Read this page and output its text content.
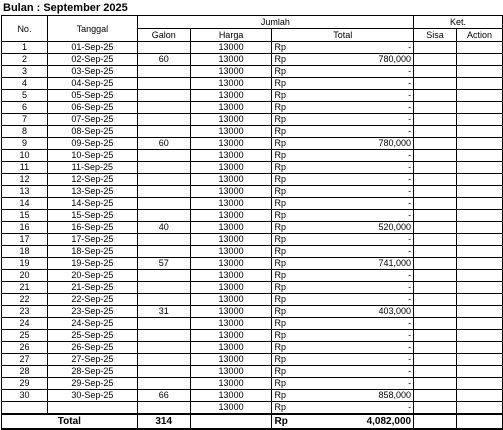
Bulan : September 2025
No.	Tanggal	Jumlah				Ket.	
		Galon	Harga	Total		Sisa	Action
1	01-Sep-25		13000	Rp	-		
2	02-Sep-25	60	13000	Rp	780,000		
3	03-Sep-25		13000	Rp	-		
4	04-Sep-25		13000	Rp	-		
5	05-Sep-25		13000	Rp	-		
6	06-Sep-25		13000	Rp	-		
7	07-Sep-25		13000	Rp	-		
8	08-Sep-25		13000	Rp	-		
9	09-Sep-25	60	13000	Rp	780,000		
10	10-Sep-25		13000	Rp	-		
11	11-Sep-25		13000	Rp	-		
12	12-Sep-25		13000	Rp	-		
13	13-Sep-25		13000	Rp	-		
14	14-Sep-25		13000	Rp	-		
15	15-Sep-25		13000	Rp	-		
16	16-Sep-25	40	13000	Rp	520,000		
17	17-Sep-25		13000	Rp	-		
18	18-Sep-25		13000	Rp	-		
19	19-Sep-25	57	13000	Rp	741,000		
20	20-Sep-25		13000	Rp	-		
21	21-Sep-25		13000	Rp	-		
22	22-Sep-25		13000	Rp	-		
23	23-Sep-25	31	13000	Rp	403,000		
24	24-Sep-25		13000	Rp	-		
25	25-Sep-25		13000	Rp	-		
26	26-Sep-25		13000	Rp	-		
27	27-Sep-25		13000	Rp	-		
28	28-Sep-25		13000	Rp	-		
29	29-Sep-25		13000	Rp	-		
30	30-Sep-25	66	13000	Rp	858,000		
			13000	Rp	-		
Total		314		Rp	4,082,000		
